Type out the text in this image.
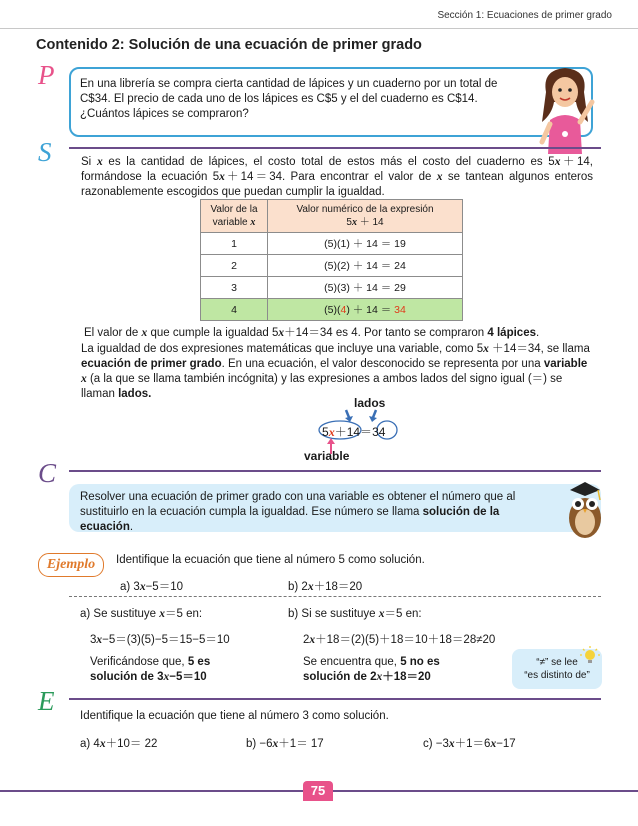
Sección 1: Ecuaciones de primer grado
Contenido 2: Solución de una ecuación de primer grado
P En una librería se compra cierta cantidad de lápices y un cuaderno por un total de C$34. El precio de cada uno de los lápices es C$5 y el del cuaderno es C$14. ¿Cuántos lápices se compraron?
S	Si x es la cantidad de lápices, el costo total de estos más el costo del cuaderno es 5x＋14, formándose la ecuación 5x＋14＝34. Para encontrar el valor de x se tantean algunos enteros razonablemente escogidos que puedan cumplir la igualdad.
Valor de la
variable x	Valor numérico de la expresión
5x ＋ 14
1	(5)(1) ＋ 14 ＝ 19
2	(5)(2) ＋ 14 ＝ 24
3	(5)(3) ＋ 14 ＝ 29
4	(5)(4) ＋ 14 ＝ 34
El valor de x que cumple la igualdad 5x＋14＝34 es 4. Por tanto se compraron 4 lápices.
La igualdad de dos expresiones matemáticas que incluye una variable, como 5x ＋14＝34, se llama ecuación de primer grado. En una ecuación, el valor desconocido se representa por una variable x (a la que se llama también incógnita) y las expresiones a ambos lados del signo igual (＝) se llaman lados.
lados
5x＋14＝34
variable
C
Resolver una ecuación de primer grado con una variable es obtener el número que al sustituirlo en la ecuación cumpla la igualdad. Ese número se llama solución de la ecuación.
Ejemplo	Identifique la ecuación que tiene al número 5 como solución.
a) 3x−5＝10	b) 2x＋18＝20
a) Se sustituye x＝5 en:
3x−5＝(3)(5)−5＝15−5＝10
Verificándose que, 5 es
solución de 3x−5＝10
b) Si se sustituye x＝5 en:
2x＋18＝(2)(5)＋18＝10＋18＝28≠20
Se encuentra que, 5 no es
solución de 2x＋18＝20
“≠” se lee
“es distinto de”
E Identifique la ecuación que tiene al número 3 como solución.
a) 4x＋10＝ 22	b) −6x＋1＝ 17	c) −3x＋1＝6x−17
75
